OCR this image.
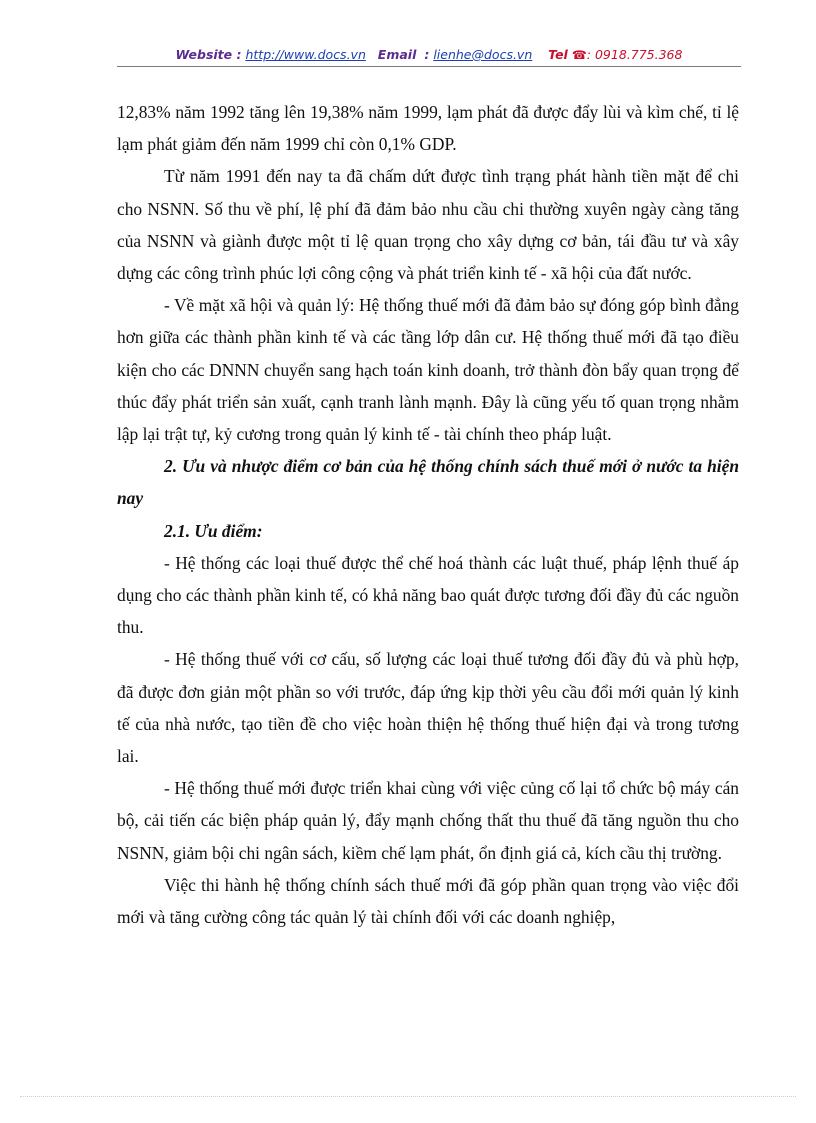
Website : http://www.docs.vn Email : lienhe@docs.vn Tel ☎: 0918.775.368

12,83% năm 1992 tăng lên 19,38% năm 1999, lạm phát đã được đẩy lùi và kìm chế, tỉ lệ lạm phát giảm đến năm 1999 chỉ còn 0,1% GDP.

Từ năm 1991 đến nay ta đã chấm dứt được tình trạng phát hành tiền mặt để chi cho NSNN. Số thu về phí, lệ phí đã đảm bảo nhu cầu chi thường xuyên ngày càng tăng của NSNN và giành được một tỉ lệ quan trọng cho xây dựng cơ bản, tái đầu tư và xây dựng các công trình phúc lợi công cộng và phát triển kinh tế - xã hội của đất nước.

- Về mặt xã hội và quản lý: Hệ thống thuế mới đã đảm bảo sự đóng góp bình đẳng hơn giữa các thành phần kinh tế và các tầng lớp dân cư. Hệ thống thuế mới đã tạo điều kiện cho các DNNN chuyển sang hạch toán kinh doanh, trở thành đòn bẩy quan trọng để thúc đẩy phát triển sản xuất, cạnh tranh lành mạnh. Đây là cũng yếu tố quan trọng nhằm lập lại trật tự, kỷ cương trong quản lý kinh tế - tài chính theo pháp luật.

2. Ưu và nhược điểm cơ bản của hệ thống chính sách thuế mới ở nước ta hiện nay

2.1. Ưu điểm:

- Hệ thống các loại thuế được thể chế hoá thành các luật thuế, pháp lệnh thuế áp dụng cho các thành phần kinh tế, có khả năng bao quát được tương đối đầy đủ các nguồn thu.

- Hệ thống thuế với cơ cấu, số lượng các loại thuế tương đối đầy đủ và phù hợp, đã được đơn giản một phần so với trước, đáp ứng kịp thời yêu cầu đổi mới quản lý kinh tế của nhà nước, tạo tiền đề cho việc hoàn thiện hệ thống thuế hiện đại và trong tương lai.

- Hệ thống thuế mới được triển khai cùng với việc củng cố lại tổ chức bộ máy cán bộ, cải tiến các biện pháp quản lý, đẩy mạnh chống thất thu thuế đã tăng nguồn thu cho NSNN, giảm bội chi ngân sách, kiềm chế lạm phát, ổn định giá cả, kích cầu thị trường.

Việc thi hành hệ thống chính sách thuế mới đã góp phần quan trọng vào việc đổi mới và tăng cường công tác quản lý tài chính đối với các doanh nghiệp,
